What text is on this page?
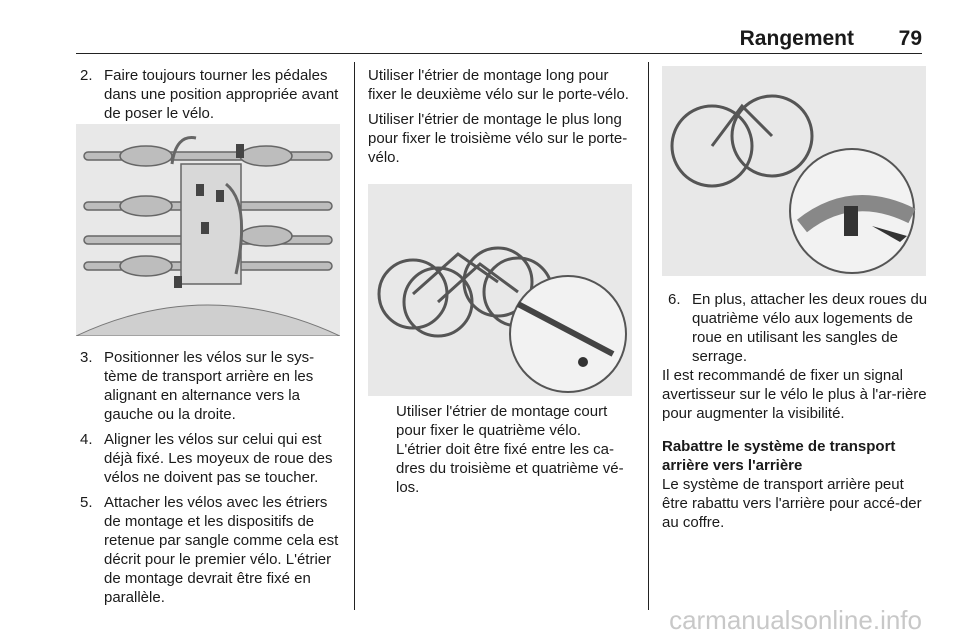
Rangement 79
2. Faire toujours tourner les pédales dans une position appropriée avant de poser le vélo.
3. Positionner les vélos sur le sys-tème de transport arrière en les alignant en alternance vers la gauche ou la droite.
4. Aligner les vélos sur celui qui est déjà fixé. Les moyeux de roue des vélos ne doivent pas se toucher.
5. Attacher les vélos avec les étriers de montage et les dispositifs de retenue par sangle comme cela est décrit pour le premier vélo. L'étrier de montage devrait être fixé en parallèle.

Utiliser l'étrier de montage long pour fixer le deuxième vélo sur le porte-vélo.

Utiliser l'étrier de montage le plus long pour fixer le troisième vélo sur le porte-vélo.

Utiliser l'étrier de montage court pour fixer le quatrième vélo.

L'étrier doit être fixé entre les ca-dres du troisième et quatrième vé-los.

6. En plus, attacher les deux roues du quatrième vélo aux logements de roue en utilisant les sangles de serrage.

Il est recommandé de fixer un signal avertisseur sur le vélo le plus à l'ar-rière pour augmenter la visibilité.

Rabattre le système de transport arrière vers l'arrière

Le système de transport arrière peut être rabattu vers l'arrière pour accé-der au coffre.

carmanualsonline.info
